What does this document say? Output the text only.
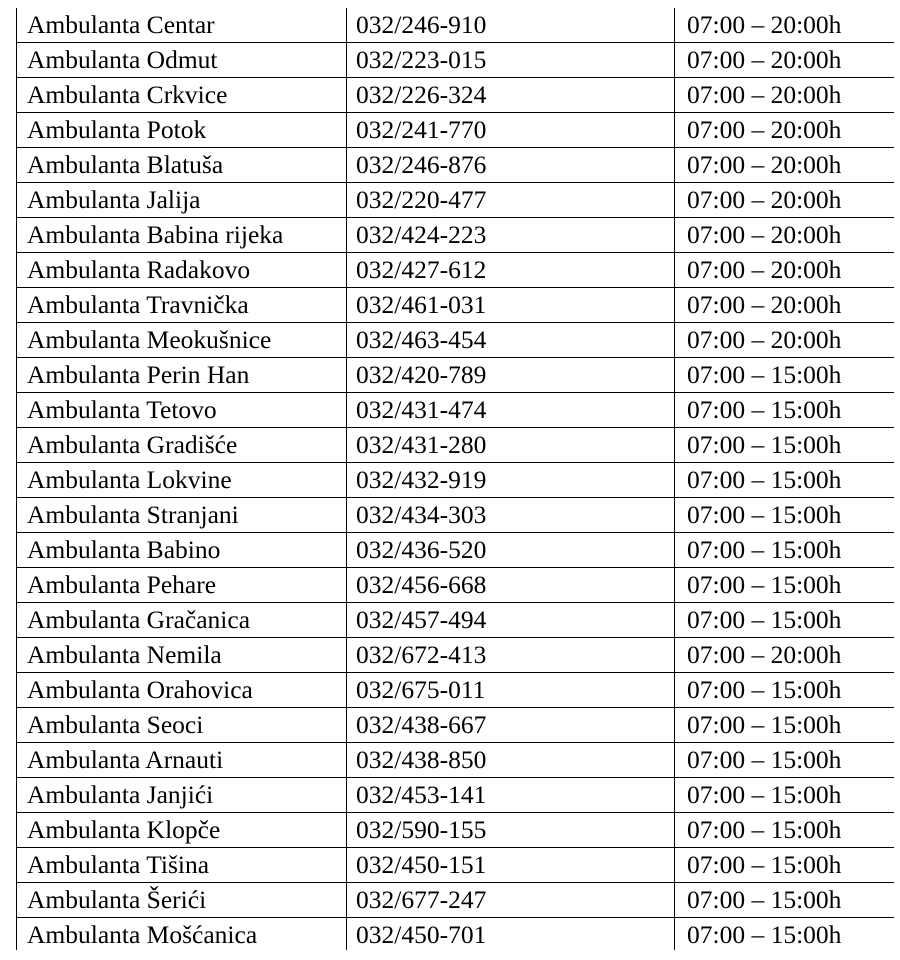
Ambulanta Centar	032/246-910	07:00 – 20:00h
Ambulanta Odmut	032/223-015	07:00 – 20:00h
Ambulanta Crkvice	032/226-324	07:00 – 20:00h
Ambulanta Potok	032/241-770	07:00 – 20:00h
Ambulanta Blatuša	032/246-876	07:00 – 20:00h
Ambulanta Jalija	032/220-477	07:00 – 20:00h
Ambulanta Babina rijeka	032/424-223	07:00 – 20:00h
Ambulanta Radakovo	032/427-612	07:00 – 20:00h
Ambulanta Travnička	032/461-031	07:00 – 20:00h
Ambulanta Meokušnice	032/463-454	07:00 – 20:00h
Ambulanta Perin Han	032/420-789	07:00 – 15:00h
Ambulanta Tetovo	032/431-474	07:00 – 15:00h
Ambulanta Gradišće	032/431-280	07:00 – 15:00h
Ambulanta Lokvine	032/432-919	07:00 – 15:00h
Ambulanta Stranjani	032/434-303	07:00 – 15:00h
Ambulanta Babino	032/436-520	07:00 – 15:00h
Ambulanta Pehare	032/456-668	07:00 – 15:00h
Ambulanta Gračanica	032/457-494	07:00 – 15:00h
Ambulanta Nemila	032/672-413	07:00 – 20:00h
Ambulanta Orahovica	032/675-011	07:00 – 15:00h
Ambulanta Seoci	032/438-667	07:00 – 15:00h
Ambulanta Arnauti	032/438-850	07:00 – 15:00h
Ambulanta Janjići	032/453-141	07:00 – 15:00h
Ambulanta Klopče	032/590-155	07:00 – 15:00h
Ambulanta Tišina	032/450-151	07:00 – 15:00h
Ambulanta Šerići	032/677-247	07:00 – 15:00h
Ambulanta Mošćanica	032/450-701	07:00 – 15:00h
